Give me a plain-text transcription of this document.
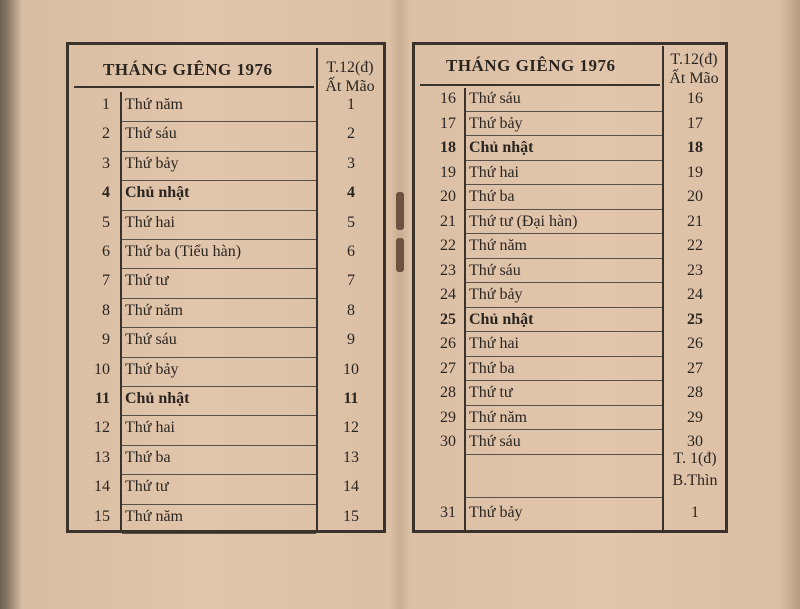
THÁNG GIÊNG 1976	T.12(đ)
Ất Mão
1 Thứ năm	1
2 Thứ sáu	2
3 Thứ bảy	3
4 Chủ nhật	4
5 Thứ hai	5
6 Thứ ba (Tiểu hàn)	6
7 Thứ tư	7
8 Thứ năm	8
9 Thứ sáu	9
10 Thứ bảy	10
11 Chủ nhật	11
12 Thứ hai	12
13 Thứ ba	13
14 Thứ tư	14
15 Thứ năm	15
THÁNG GIÊNG 1976	T.12(đ)
Ất Mão
16 Thứ sáu	16
17 Thứ bảy	17
18 Chủ nhật	18
19 Thứ hai	19
20 Thứ ba	20
21 Thứ tư (Đại hàn)	21
22 Thứ năm	22
23 Thứ sáu	23
24 Thứ bảy	24
25 Chủ nhật	25
26 Thứ hai	26
27 Thứ ba	27
28 Thứ tư	28
29 Thứ năm	29
30 Thứ sáu	30
T. 1(đ)
B.Thìn
31 Thứ bảy	1
